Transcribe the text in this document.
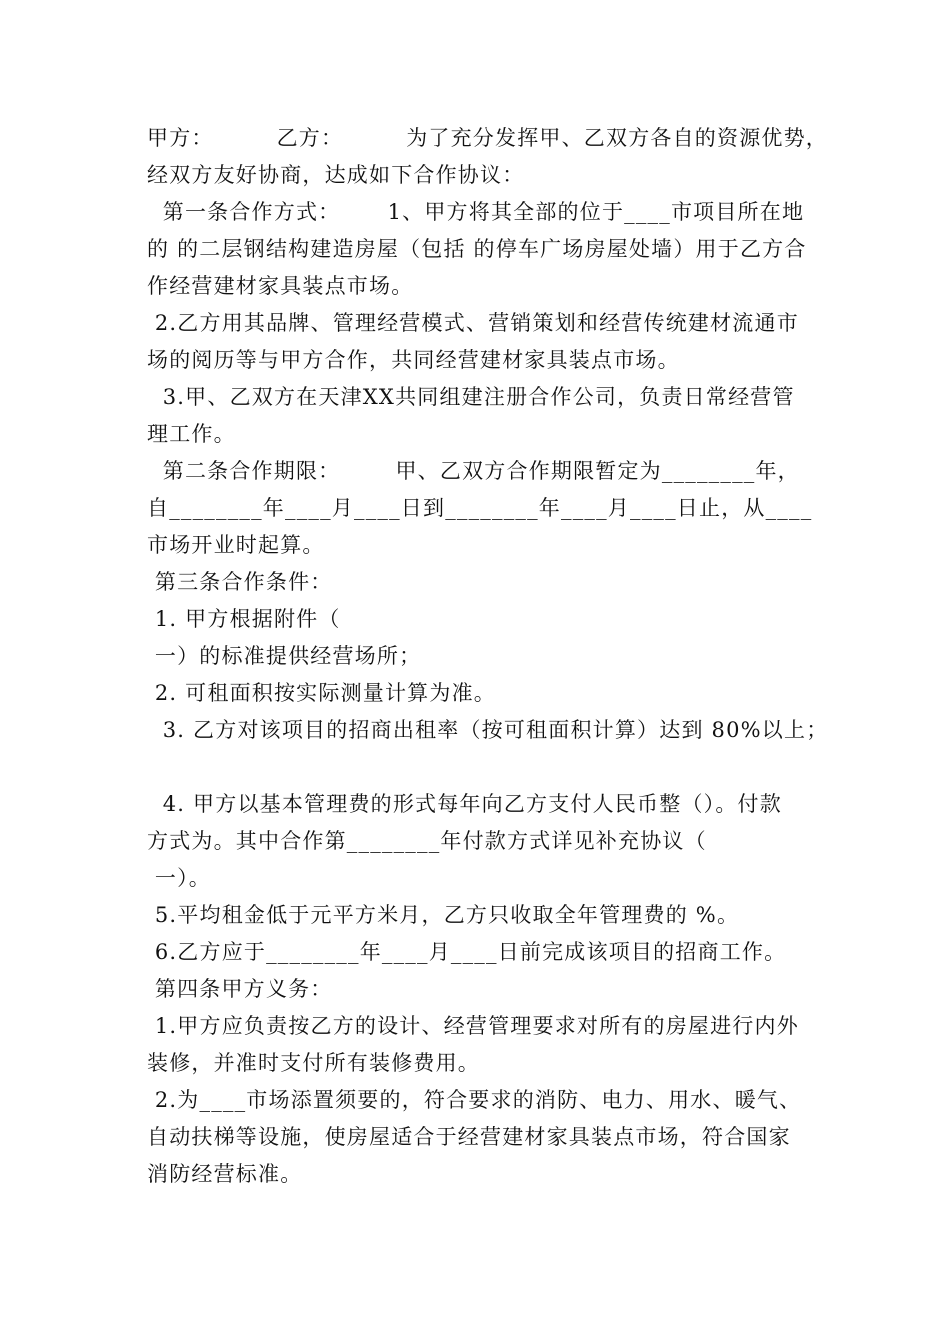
甲方：        乙方：        为了充分发挥甲、乙双方各自的资源优势，
经双方友好协商，达成如下合作协议：
第一条合作方式：      1、甲方将其全部的位于____市项目所在地
的 的二层钢结构建造房屋（包括 的停车广场房屋处墙）用于乙方合
作经营建材家具装点市场。
2.乙方用其品牌、管理经营模式、营销策划和经营传统建材流通市
场的阅历等与甲方合作，共同经营建材家具装点市场。
3.甲、乙双方在天津XX共同组建注册合作公司，负责日常经营管
理工作。
第二条合作期限：       甲、乙双方合作期限暂定为________年，
自________年____月____日到________年____月____日止，从____
市场开业时起算。
第三条合作条件：
1. 甲方根据附件（
一）的标准提供经营场所；
2. 可租面积按实际测量计算为准。
3. 乙方对该项目的招商出租率（按可租面积计算）达到 80%以上；
4. 甲方以基本管理费的形式每年向乙方支付人民币整（）。付款
方式为。其中合作第________年付款方式详见补充协议（
一）。
5.平均租金低于元平方米月，乙方只收取全年管理费的 %。
6.乙方应于________年____月____日前完成该项目的招商工作。
第四条甲方义务：
1.甲方应负责按乙方的设计、经营管理要求对所有的房屋进行内外
装修，并准时支付所有装修费用。
2.为____市场添置须要的，符合要求的消防、电力、用水、暖气、
自动扶梯等设施，使房屋适合于经营建材家具装点市场，符合国家
消防经营标准。
